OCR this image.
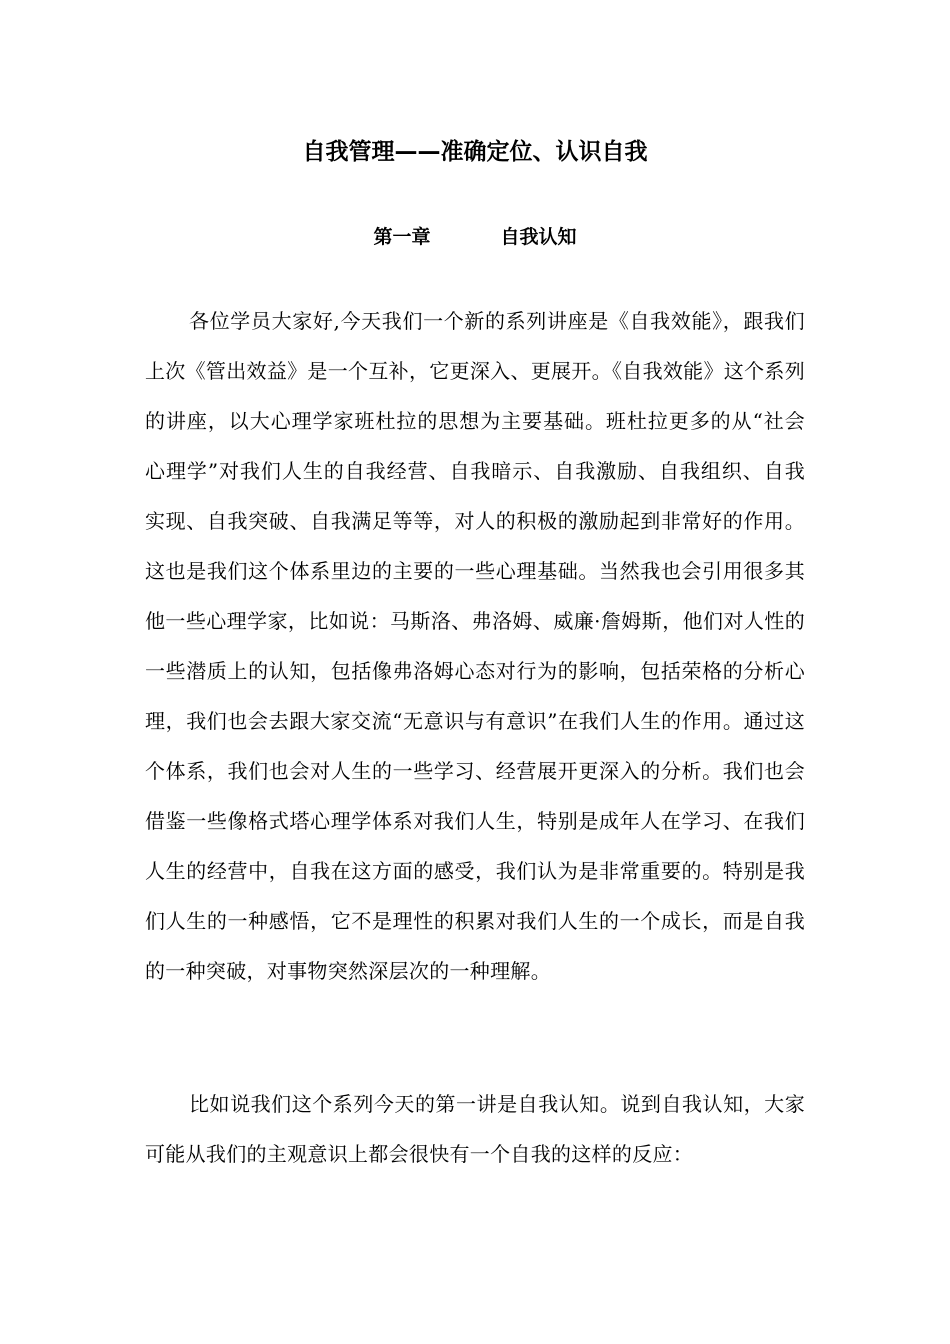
自我管理——准确定位、认识自我
第一章	自我认知

各位学员大家好,今天我们一个新的系列讲座是《自我效能》，跟我们上次《管出效益》是一个互补，它更深入、更展开。《自我效能》这个系列的讲座，以大心理学家班杜拉的思想为主要基础。班杜拉更多的从“社会心理学”对我们人生的自我经营、自我暗示、自我激励、自我组织、自我实现、自我突破、自我满足等等，对人的积极的激励起到非常好的作用。这也是我们这个体系里边的主要的一些心理基础。当然我也会引用很多其他一些心理学家，比如说：马斯洛、弗洛姆、威廉·詹姆斯，他们对人性的一些潜质上的认知，包括像弗洛姆心态对行为的影响，包括荣格的分析心理，我们也会去跟大家交流“无意识与有意识”在我们人生的作用。通过这个体系，我们也会对人生的一些学习、经营展开更深入的分析。我们也会借鉴一些像格式塔心理学体系对我们人生，特别是成年人在学习、在我们人生的经营中，自我在这方面的感受，我们认为是非常重要的。特别是我们人生的一种感悟，它不是理性的积累对我们人生的一个成长，而是自我的一种突破，对事物突然深层次的一种理解。

比如说我们这个系列今天的第一讲是自我认知。说到自我认知，大家可能从我们的主观意识上都会很快有一个自我的这样的反应：
